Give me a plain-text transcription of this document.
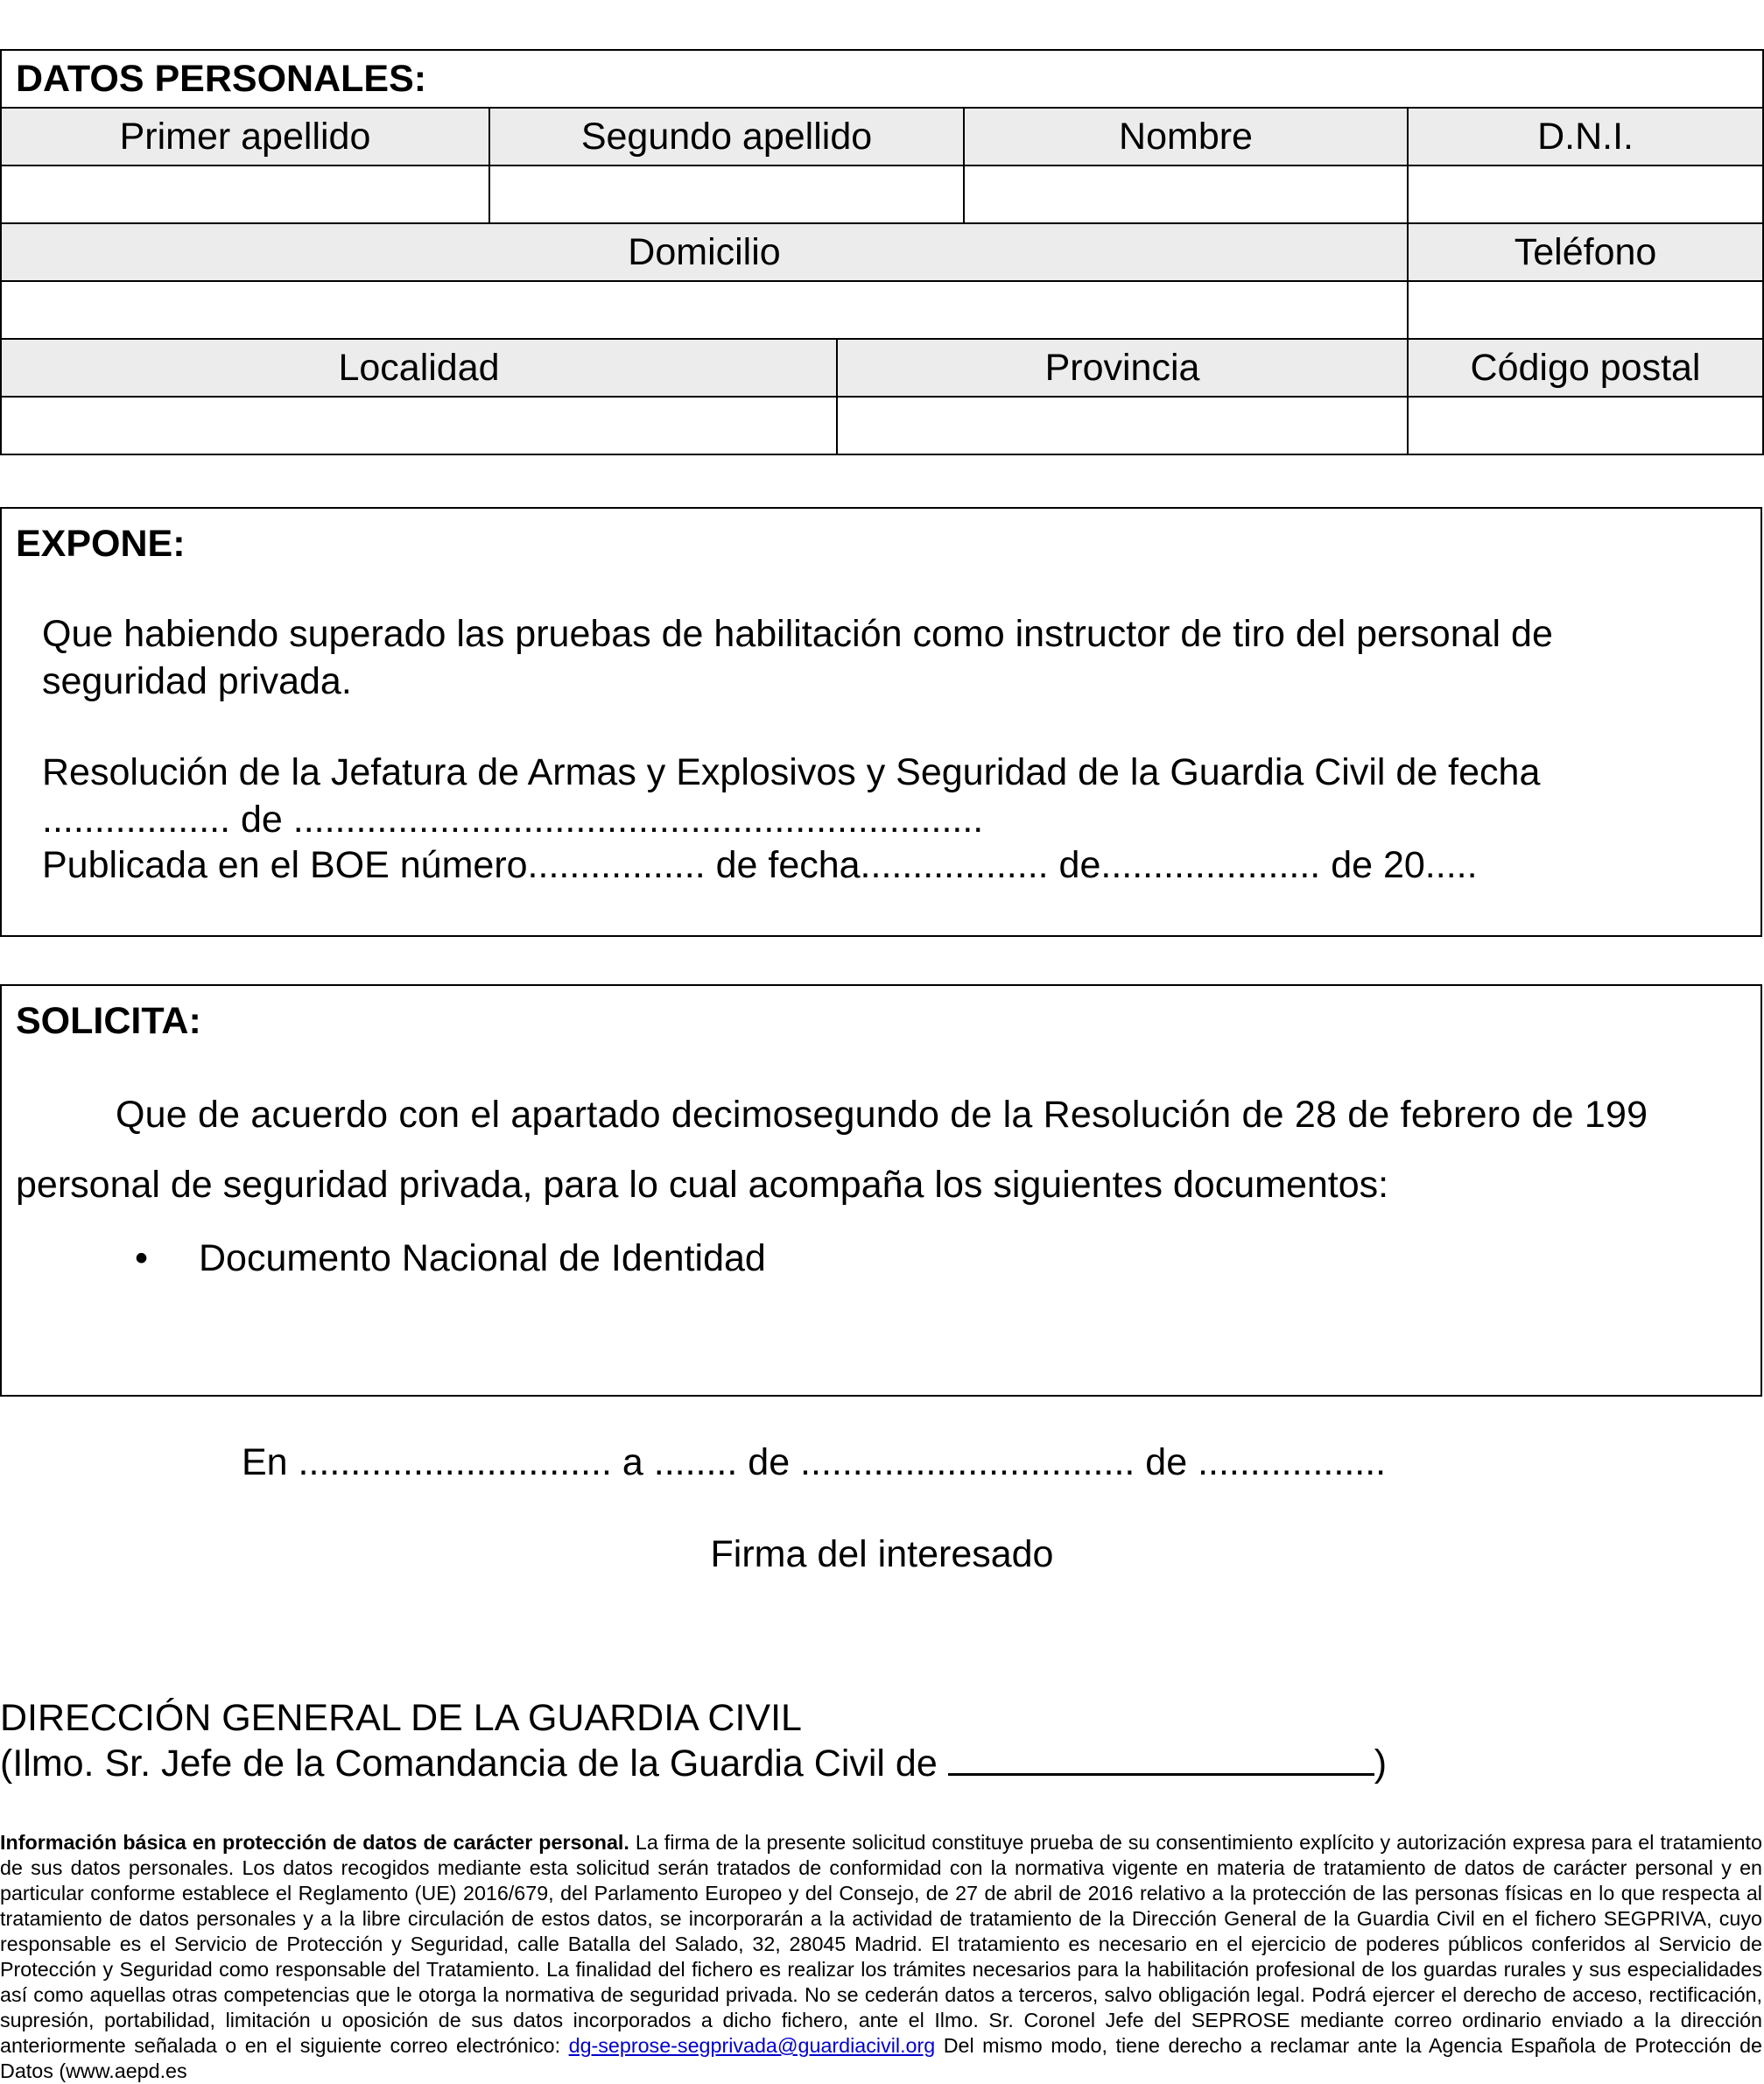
DATOS PERSONALES:				
Primer apellido	Segundo apellido		Nombre	D.N.I.

Domicilio				Teléfono

Localidad		Provincia		Código postal

EXPONE:
Que habiendo superado las pruebas de habilitación como instructor de tiro del personal de
seguridad privada.
Resolución de la Jefatura de Armas y Explosivos y Seguridad de la Guardia Civil de fecha
.................. de ..................................................................
Publicada en el BOE número................. de fecha.................. de..................... de 20.....
SOLICITA:
Que de acuerdo con el apartado decimosegundo de la Resolución de 28 de febrero de 199
personal de seguridad privada, para lo cual acompaña los siguientes documentos:
• Documento Nacional de Identidad
En .............................. a ........ de ................................ de ..................
Firma del interesado
DIRECCIÓN GENERAL DE LA GUARDIA CIVIL
(Ilmo. Sr. Jefe de la Comandancia de la Guardia Civil de	)
Información básica en protección de datos de carácter personal. La firma de la presente solicitud constituye prueba de su consentimiento explícito y autorización expresa para el tratamiento de sus datos personales. Los datos recogidos mediante esta solicitud serán tratados de conformidad con la normativa vigente en materia de tratamiento de datos de carácter personal y en particular conforme establece el Reglamento (UE) 2016/679, del Parlamento Europeo y del Consejo, de 27 de abril de 2016 relativo a la protección de las personas físicas en lo que respecta al tratamiento de datos personales y a la libre circulación de estos datos, se incorporarán a la actividad de tratamiento de la Dirección General de la Guardia Civil en el fichero SEGPRIVA, cuyo responsable es el Servicio de Protección y Seguridad, calle Batalla del Salado, 32, 28045 Madrid. El tratamiento es necesario en el ejercicio de poderes públicos conferidos al Servicio de Protección y Seguridad como responsable del Tratamiento. La finalidad del fichero es realizar los trámites necesarios para la habilitación profesional de los guardas rurales y sus especialidades así como aquellas otras competencias que le otorga la normativa de seguridad privada. No se cederán datos a terceros, salvo obligación legal. Podrá ejercer el derecho de acceso, rectificación, supresión, portabilidad, limitación u oposición de sus datos incorporados a dicho fichero, ante el Ilmo. Sr. Coronel Jefe del SEPROSE mediante correo ordinario enviado a la dirección anteriormente señalada o en el siguiente correo electrónico: dg-seprose-segprivada@guardiacivil.org Del mismo modo, tiene derecho a reclamar ante la Agencia Española de Protección de Datos (www.aepd.es
